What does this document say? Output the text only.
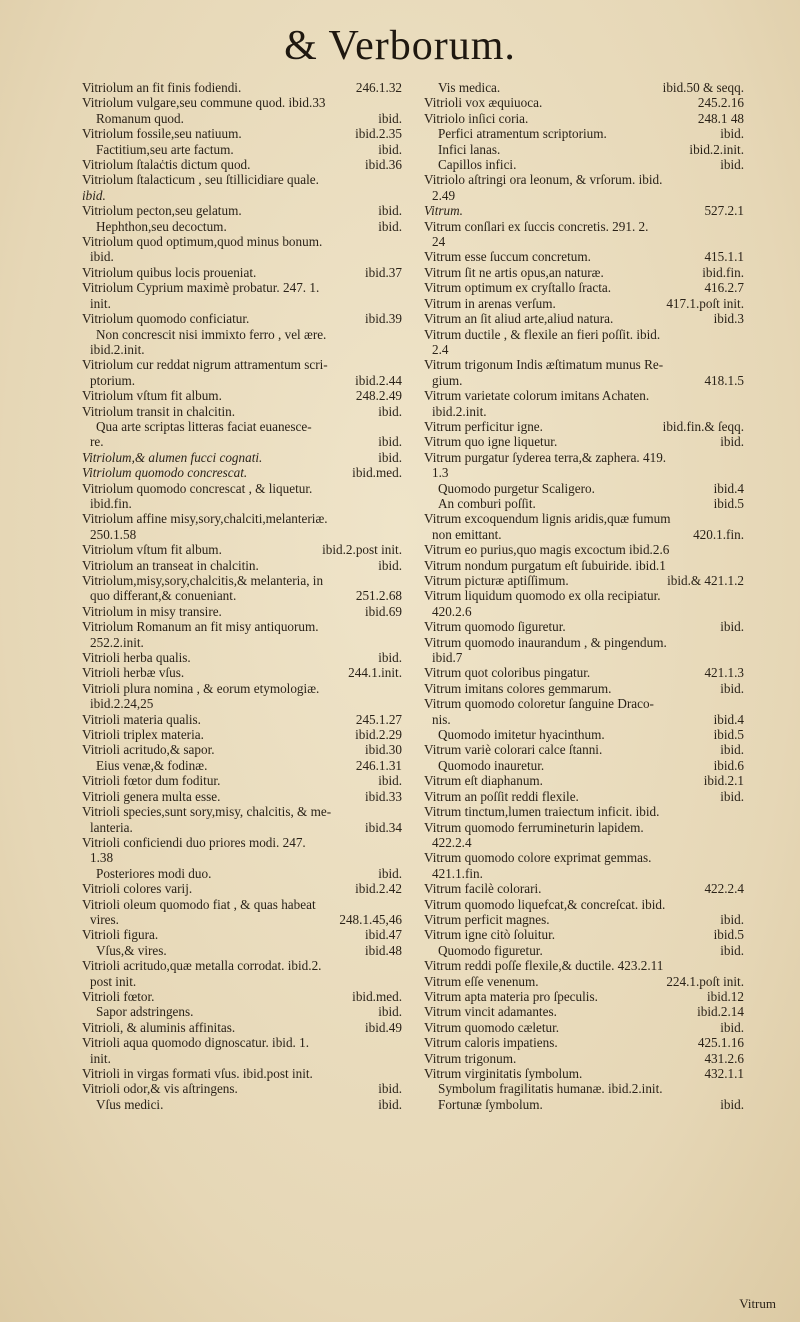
& Verborum.
246.1.32
Vitriolum an fit finis fodiendi.
Vitriolum vulgare,seu commune quod. ibid.33
ibid.
Romanum quod.
ibid.2.35
Vitriolum fossile,seu natiuum.
ibid.
Factitium,seu arte factum.
ibid.36
Vitriolum ſtalaċtis dictum quod.
Vitriolum ſtalacticum , seu ſtillicidiare quale.
ibid.
ibid.
Vitriolum pecton,seu gelatum.
ibid.
Hephthon,seu decoctum.
Vitriolum quod optimum,quod minus bonum.
ibid.
ibid.37
Vitriolum quibus locis proueniat.
Vitriolum Cyprium maximè probatur. 247. 1.
init.
ibid.39
Vitriolum quomodo conficiatur.
Non concrescit nisi immixto ferro , vel ære.
ibid.2.init.
Vitriolum cur reddat nigrum attramentum scri-
ibid.2.44
ptorium.
248.2.49
Vitriolum vſtum fit album.
ibid.
Vitriolum transit in chalcitin.
Qua arte scriptas litteras faciat euanesce-
ibid.
re.
ibid.
Vitriolum,& alumen fucci cognati.
ibid.med.
Vitriolum quomodo concrescat.
Vitriolum quomodo concrescat , & liquetur.
ibid.fin.
Vitriolum affine misy,sory,chalciti,melanteriæ.
250.1.58
ibid.2.post init.
Vitriolum vſtum fit album.
ibid.
Vitriolum an transeat in chalcitin.
Vitriolum,misy,sory,chalcitis,& melanteria, in
251.2.68
quo differant,& conueniant.
ibid.69
Vitriolum in misy transire.
Vitriolum Romanum an fit misy antiquorum.
252.2.init.
ibid.
Vitrioli herba qualis.
244.1.init.
Vitrioli herbæ vſus.
Vitrioli plura nomina , & eorum etymologiæ.
ibid.2.24,25
245.1.27
Vitrioli materia qualis.
ibid.2.29
Vitrioli triplex materia.
ibid.30
Vitrioli acritudo,& sapor.
246.1.31
Eius venæ,& fodinæ.
ibid.
Vitrioli fœtor dum foditur.
ibid.33
Vitrioli genera multa esse.
Vitrioli species,sunt sory,misy, chalcitis, & me-
ibid.34
lanteria.
Vitrioli conficiendi duo priores modi. 247.
1.38
ibid.
Posteriores modi duo.
ibid.2.42
Vitrioli colores varij.
Vitrioli oleum quomodo fiat , & quas habeat
248.1.45,46
vires.
ibid.47
Vitrioli figura.
ibid.48
Vſus,& vires.
Vitrioli acritudo,quæ metalla corrodat. ibid.2.
post init.
ibid.med.
Vitrioli fœtor.
ibid.
Sapor adstringens.
ibid.49
Vitrioli, & aluminis affinitas.
Vitrioli aqua quomodo dignoscatur. ibid. 1.
init.
Vitrioli in virgas formati vſus. ibid.post init.
ibid.
Vitrioli odor,& vis aſtringens.
ibid.
Vſus medici.
ibid.50 & seqq.
Vis medica.
245.2.16
Vitrioli vox æquiuoca.
248.1 48
Vitriolo inſici coria.
ibid.
Perfici atramentum scriptorium.
ibid.2.init.
Infici lanas.
ibid.
Capillos infici.
Vitriolo aſtringi ora leonum, & vrſorum. ibid.
2.49
527.2.1
Vitrum.
Vitrum conſlari ex ſuccis concretis. 291. 2.
24
415.1.1
Vitrum esse ſuccum concretum.
ibid.fin.
Vitrum ſit ne artis opus,an naturæ.
416.2.7
Vitrum optimum ex cryſtallo ſracta.
417.1.poſt init.
Vitrum in arenas verſum.
ibid.3
Vitrum an ſit aliud arte,aliud natura.
Vitrum ductile , & flexile an fieri poſſit. ibid.
2.4
Vitrum trigonum Indis æſtimatum munus Re-
418.1.5
gium.
Vitrum varietate colorum imitans Achaten.
ibid.2.init.
ibid.fin.& ſeqq.
Vitrum perficitur igne.
ibid.
Vitrum quo igne liquetur.
Vitrum purgatur ſyderea terra,& zaphera. 419.
1.3
ibid.4
Quomodo purgetur Scaligero.
ibid.5
An comburi poſſit.
Vitrum excoquendum lignis aridis,quæ fumum
420.1.fin.
non emittant.
Vitrum eo purius,quo magis excoctum ibid.2.6
Vitrum nondum purgatum eſt ſubuiride. ibid.1
ibid.& 421.1.2
Vitrum picturæ aptiſſimum.
Vitrum liquidum quomodo ex olla recipiatur.
420.2.6
ibid.
Vitrum quomodo ſiguretur.
Vitrum quomodo inaurandum , & pingendum.
ibid.7
421.1.3
Vitrum quot coloribus pingatur.
ibid.
Vitrum imitans colores gemmarum.
Vitrum quomodo coloretur ſanguine Draco-
ibid.4
nis.
ibid.5
Quomodo imitetur hyacinthum.
ibid.
Vitrum variè colorari calce ſtanni.
ibid.6
Quomodo inauretur.
ibid.2.1
Vitrum eſt diaphanum.
ibid.
Vitrum an poſſit reddi flexile.
Vitrum tinctum,lumen traiectum inficit. ibid.
Vitrum quomodo ferrumineturin lapidem.
422.2.4
Vitrum quomodo colore exprimat gemmas.
421.1.fin.
422.2.4
Vitrum facilè colorari.
Vitrum quomodo liquefcat,& concreſcat. ibid.
ibid.
Vitrum perficit magnes.
ibid.5
Vitrum igne citò ſoluitur.
ibid.
Quomodo figuretur.
Vitrum reddi poſſe flexile,& ductile. 423.2.11
224.1.poſt init.
Vitrum eſſe venenum.
ibid.12
Vitrum apta materia pro ſpeculis.
ibid.2.14
Vitrum vincit adamantes.
ibid.
Vitrum quomodo cæletur.
425.1.16
Vitrum caloris impatiens.
431.2.6
Vitrum trigonum.
432.1.1
Vitrum virginitatis ſymbolum.
Symbolum fragilitatis humanæ. ibid.2.init.
ibid.
Fortunæ ſymbolum.
Vitrum
